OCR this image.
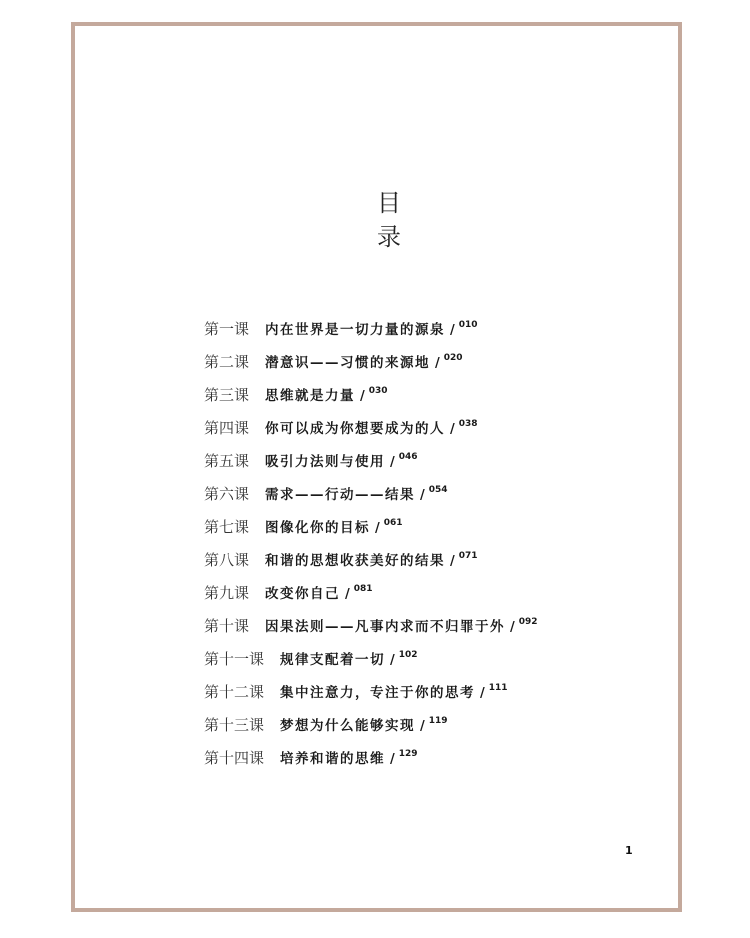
目
录
第一课 内在世界是一切力量的源泉 / 010
第二课 潜意识——习惯的来源地 / 020
第三课 思维就是力量 / 030
第四课 你可以成为你想要成为的人 / 038
第五课 吸引力法则与使用 / 046
第六课 需求——行动——结果 / 054
第七课 图像化你的目标 / 061
第八课 和谐的思想收获美好的结果 / 071
第九课 改变你自己 / 081
第十课 因果法则——凡事内求而不归罪于外 / 092
第十一课 规律支配着一切 / 102
第十二课 集中注意力，专注于你的思考 / 111
第十三课 梦想为什么能够实现 / 119
第十四课 培养和谐的思维 / 129
1
